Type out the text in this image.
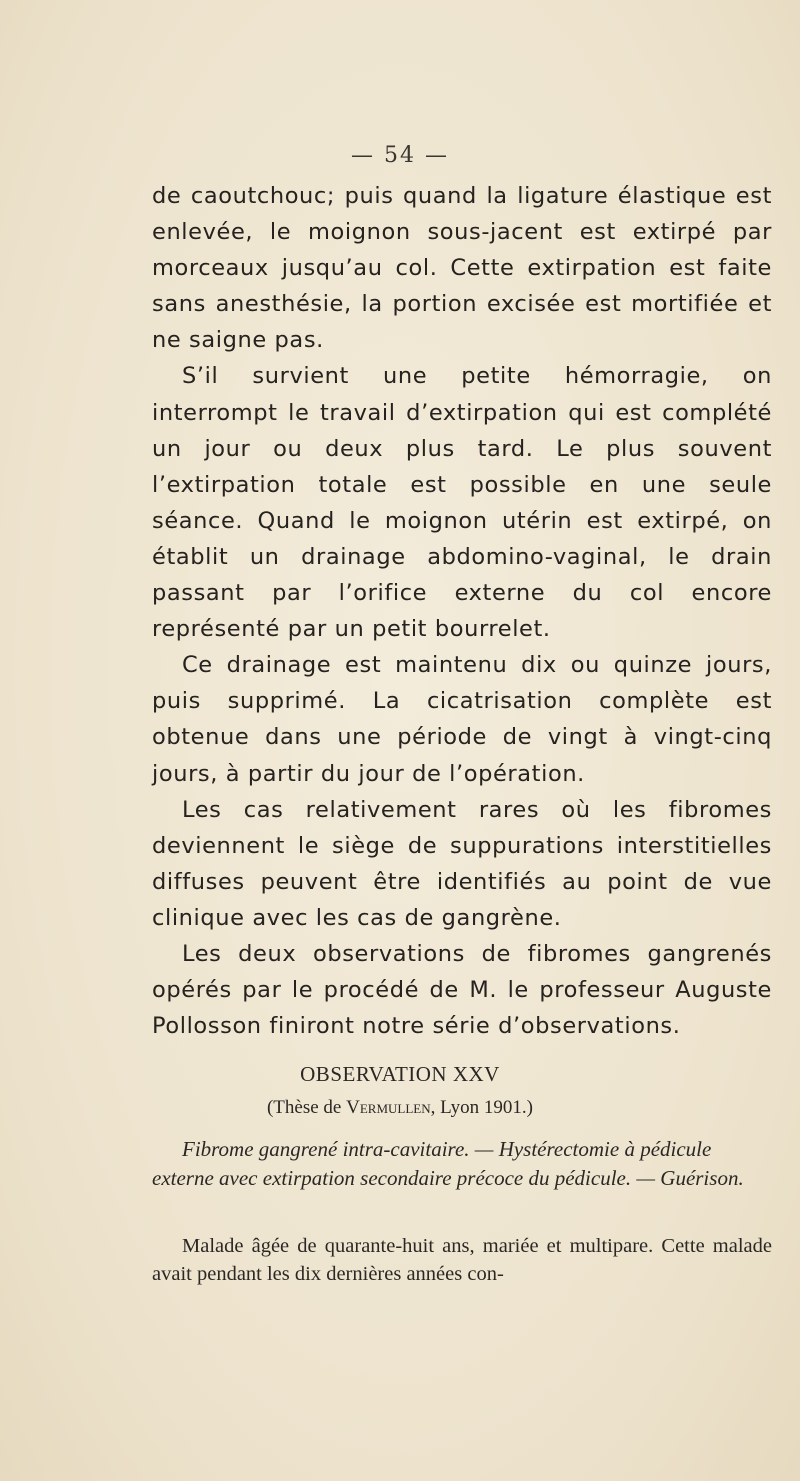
— 54 —

de caoutchouc; puis quand la ligature élastique est enlevée, le moignon sous-jacent est extirpé par morceaux jusqu’au col. Cette extirpation est faite sans anesthésie, la portion excisée est mortifiée et ne saigne pas.

S’il survient une petite hémorragie, on interrompt le travail d’extirpation qui est complété un jour ou deux plus tard. Le plus souvent l’extirpation totale est possible en une seule séance. Quand le moignon utérin est extirpé, on établit un drainage abdomino-vaginal, le drain passant par l’orifice externe du col encore représenté par un petit bourrelet.

Ce drainage est maintenu dix ou quinze jours, puis supprimé. La cicatrisation complète est obtenue dans une période de vingt à vingt-cinq jours, à partir du jour de l’opération.

Les cas relativement rares où les fibromes deviennent le siège de suppurations interstitielles diffuses peuvent être identifiés au point de vue clinique avec les cas de gangrène.

Les deux observations de fibromes gangrenés opérés par le procédé de M. le professeur Auguste Pollosson finiront notre série d’observations.

OBSERVATION XXV
(Thèse de Vermullen, Lyon 1901.)
Fibrome gangrené intra-cavitaire. — Hystérectomie à pédicule externe avec extirpation secondaire précoce du pédicule. — Guérison.

Malade âgée de quarante-huit ans, mariée et multipare. Cette malade avait pendant les dix dernières années con-
